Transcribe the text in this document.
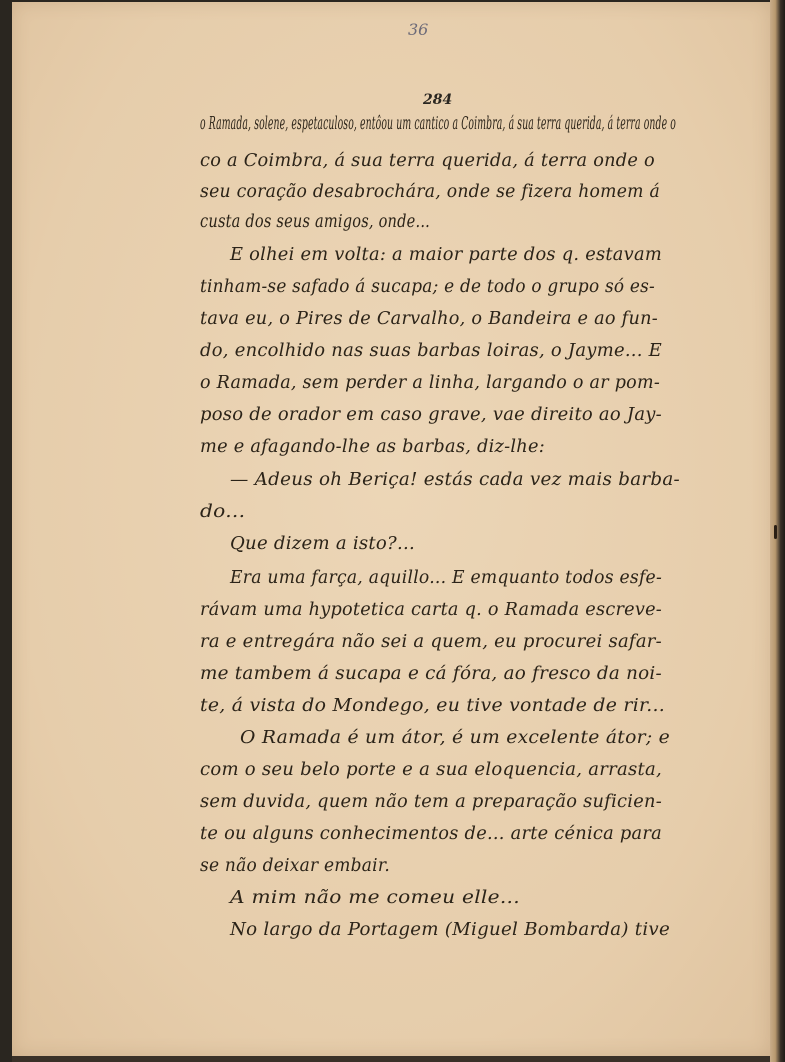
36
284
o Ramada, solene, espetaculoso, entôou um cantico a Coimbra, á sua terra querida, á terra onde o
co a Coimbra, á sua terra querida, á terra onde o
seu coração desabrochára, onde se fizera homem á
custa dos seus amigos, onde...
E olhei em volta: a maior parte dos q. estavam
tinham-se safado á sucapa; e de todo o grupo só es-
tava eu, o Pires de Carvalho, o Bandeira e ao fun-
do, encolhido nas suas barbas loiras, o Jayme... E
o Ramada, sem perder a linha, largando o ar pom-
poso de orador em caso grave, vae direito ao Jay-
me e afagando-lhe as barbas, diz-lhe:
— Adeus oh Beriça! estás cada vez mais barba-
do...
Que dizem a isto?...
Era uma farça, aquillo... E emquanto todos esfe-
rávam uma hypotetica carta q. o Ramada escreve-
ra e entregára não sei a quem, eu procurei safar-
me tambem á sucapa e cá fóra, ao fresco da noi-
te, á vista do Mondego, eu tive vontade de rir...
O Ramada é um átor, é um excelente átor; e
com o seu belo porte e a sua eloquencia, arrasta,
sem duvida, quem não tem a preparação suficien-
te ou alguns conhecimentos de... arte cénica para
se não deixar embair.
A mim não me comeu elle...
No largo da Portagem (Miguel Bombarda) tive
